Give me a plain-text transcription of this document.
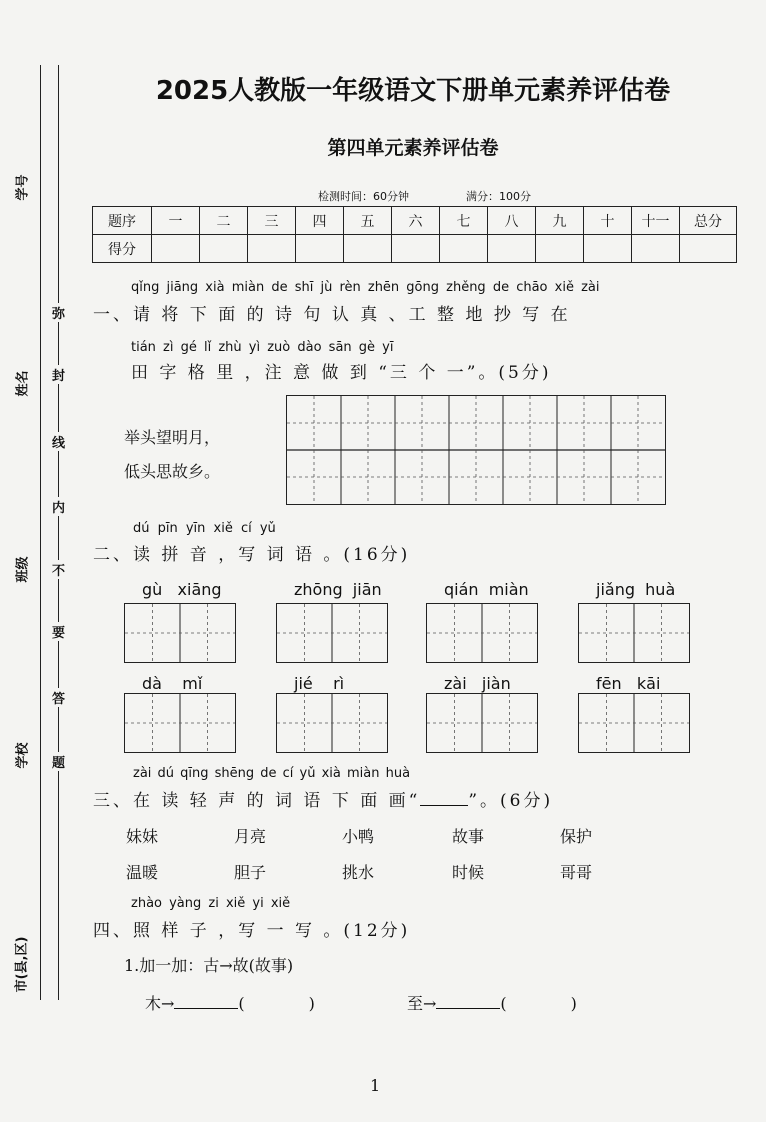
学号
姓名
班级
学校
市(县,区)
弥
封
线
内
不
要
答
题
2025人教版一年级语文下册单元素养评估卷
第四单元素养评估卷
检测时间：60分钟	满分：100分
题序	一	二	三	四	五	六	七	八	九	十	十一	总分
得分												
qǐng jiāng xià miàn de shī jù rèn zhēn gōng zhěng de chāo xiě zài
一、请 将 下 面 的 诗 句 认 真 、工 整 地 抄 写 在
tián zì gé lǐ zhù yì zuò dào sān gè yī
田 字 格 里 ，注 意 做 到 “三 个 一”。(5分)
举头望明月，
低头思故乡。
dú pīn yīn xiě cí yǔ
二、读 拼 音 ，写 词 语 。(16分)
gù   xiāng	zhōng  jiān	qián  miàn	jiǎng  huà
dà    mǐ	jié    rì	zài   jiàn	fēn   kāi
zài dú qīng shēng de cí yǔ xià miàn huà
三、在 读 轻 声 的 词 语 下 面 画“	”。(6分)
妹妹	月亮	小鸭	故事	保护
温暖	胆子	挑水	时候	哥哥
zhào yàng zi xiě yi xiě
四、照 样 子 ，写 一 写 。(12分)
1.加一加：古→故(故事)
木→	(	)	至→	(	)
1
